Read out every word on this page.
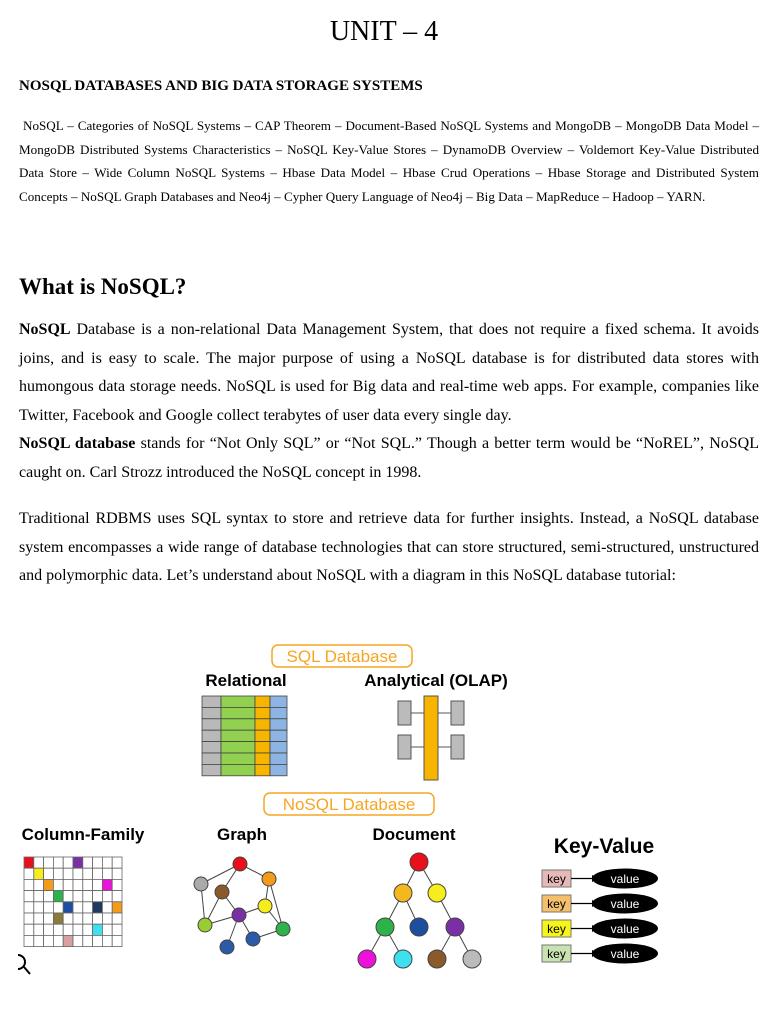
UNIT – 4
NOSQL DATABASES AND BIG DATA STORAGE SYSTEMS
NoSQL – Categories of NoSQL Systems – CAP Theorem – Document-Based NoSQL Systems and MongoDB – MongoDB Data Model – MongoDB Distributed Systems Characteristics – NoSQL Key-Value Stores – DynamoDB Overview – Voldemort Key-Value Distributed Data Store – Wide Column NoSQL Systems – Hbase Data Model – Hbase Crud Operations – Hbase Storage and Distributed System Concepts – NoSQL Graph Databases and Neo4j – Cypher Query Language of Neo4j – Big Data – MapReduce – Hadoop – YARN.
What is NoSQL?
NoSQL Database is a non-relational Data Management System, that does not require a fixed schema. It avoids joins, and is easy to scale. The major purpose of using a NoSQL database is for distributed data stores with humongous data storage needs. NoSQL is used for Big data and real-time web apps. For example, companies like Twitter, Facebook and Google collect terabytes of user data every single day.
NoSQL database stands for “Not Only SQL” or “Not SQL.” Though a better term would be “NoREL”, NoSQL caught on. Carl Strozz introduced the NoSQL concept in 1998.
Traditional RDBMS uses SQL syntax to store and retrieve data for further insights. Instead, a NoSQL database system encompasses a wide range of database technologies that can store structured, semi-structured, unstructured and polymorphic data. Let’s understand about NoSQL with a diagram in this NoSQL database tutorial:
SQL Database
Relational	Analytical (OLAP)
NoSQL Database
Column-Family	Graph	Document
Key-Value
key	value
key	value
key	value
key	value
